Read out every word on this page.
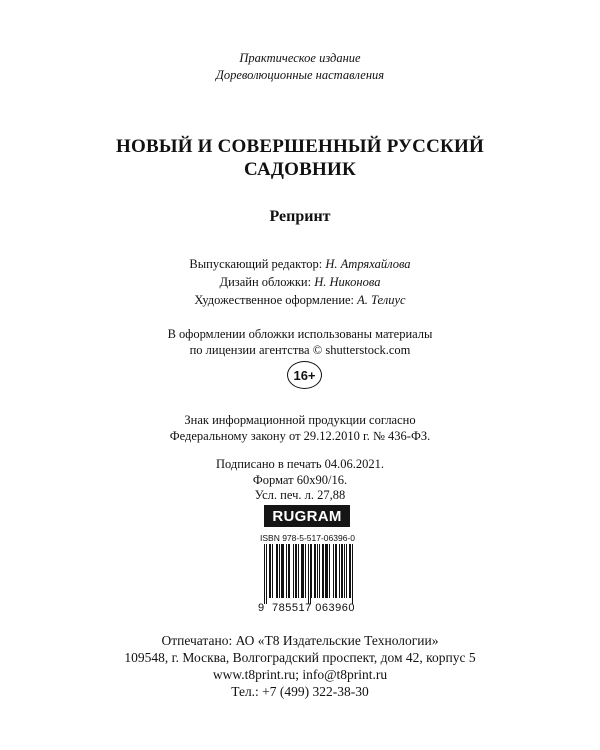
Практическое издание
Дореволюционные наставления
НОВЫЙ И СОВЕРШЕННЫЙ РУССКИЙ
САДОВНИК
Репринт
Выпускающий редактор: Н. Атряхайлова
Дизайн обложки: Н. Никонова
Художественное оформление: А. Телиус
В оформлении обложки использованы материалы
по лицензии агентства © shutterstock.com
16+
Знак информационной продукции согласно
Федеральному закону от 29.12.2010 г. № 436-ФЗ.
Подписано в печать 04.06.2021.
Формат 60x90/16.
Усл. печ. л. 27,88
RUGRAM
ISBN 978-5-517-06396-0
9 785517 063960
Отпечатано: АО «Т8 Издательские Технологии»
109548, г. Москва, Волгоградский проспект, дом 42, корпус 5
www.t8print.ru; info@t8print.ru
Тел.: +7 (499) 322-38-30
